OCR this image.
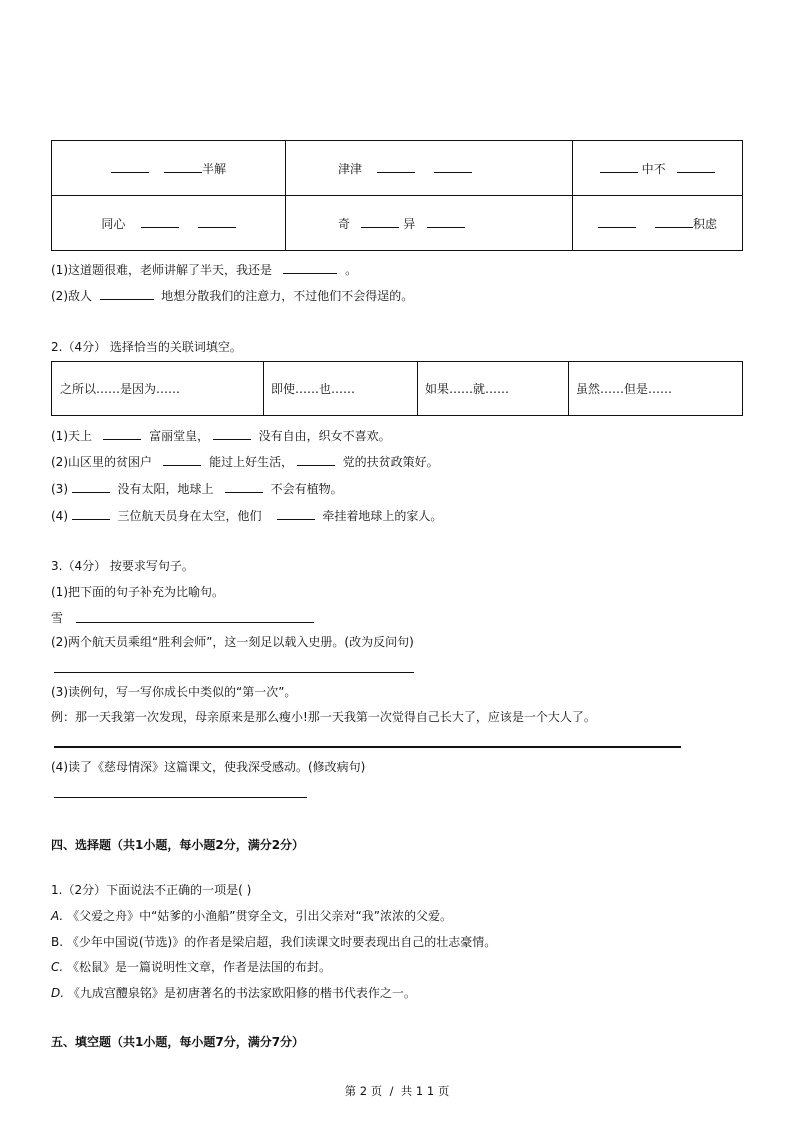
半解	津津	中不
同心	奇 异	积虑
(1)这道题很难，老师讲解了半天，我还是	。
(2)敌人	地想分散我们的注意力，不过他们不会得逞的。
2.（4分） 选择恰当的关联词填空。
之所以……是因为……	即使……也……	如果……就……	虽然……但是……
(1)天上	富丽堂皇，	没有自由，织女不喜欢。
(2)山区里的贫困户	能过上好生活，	党的扶贫政策好。
(3)	没有太阳，地球上	不会有植物。
(4)	三位航天员身在太空，他们	牵挂着地球上的家人。
3.（4分） 按要求写句子。
(1)把下面的句子补充为比喻句。
雪
(2)两个航天员乘组“胜利会师”，这一刻足以载入史册。(改为反问句)
(3)读例句，写一写你成长中类似的“第一次”。
例：那一天我第一次发现，母亲原来是那么瘦小!那一天我第一次觉得自己长大了，应该是一个大人了。
(4)读了《慈母情深》这篇课文，使我深受感动。(修改病句)
四、选择题（共1小题，每小题2分，满分2分）
1.（2分）下面说法不正确的一项是( )
A. 《父爱之舟》中“姑爹的小渔船”贯穿全文，引出父亲对“我”浓浓的父爱。
B. 《少年中国说(节选)》的作者是梁启超，我们读课文时要表现出自己的壮志豪情。
C. 《松鼠》是一篇说明性文章，作者是法国的布封。
D. 《九成宫醴泉铭》是初唐著名的书法家欧阳修的楷书代表作之一。
五、填空题（共1小题，每小题7分，满分7分）
第 2 页  /  共 1 1 页
